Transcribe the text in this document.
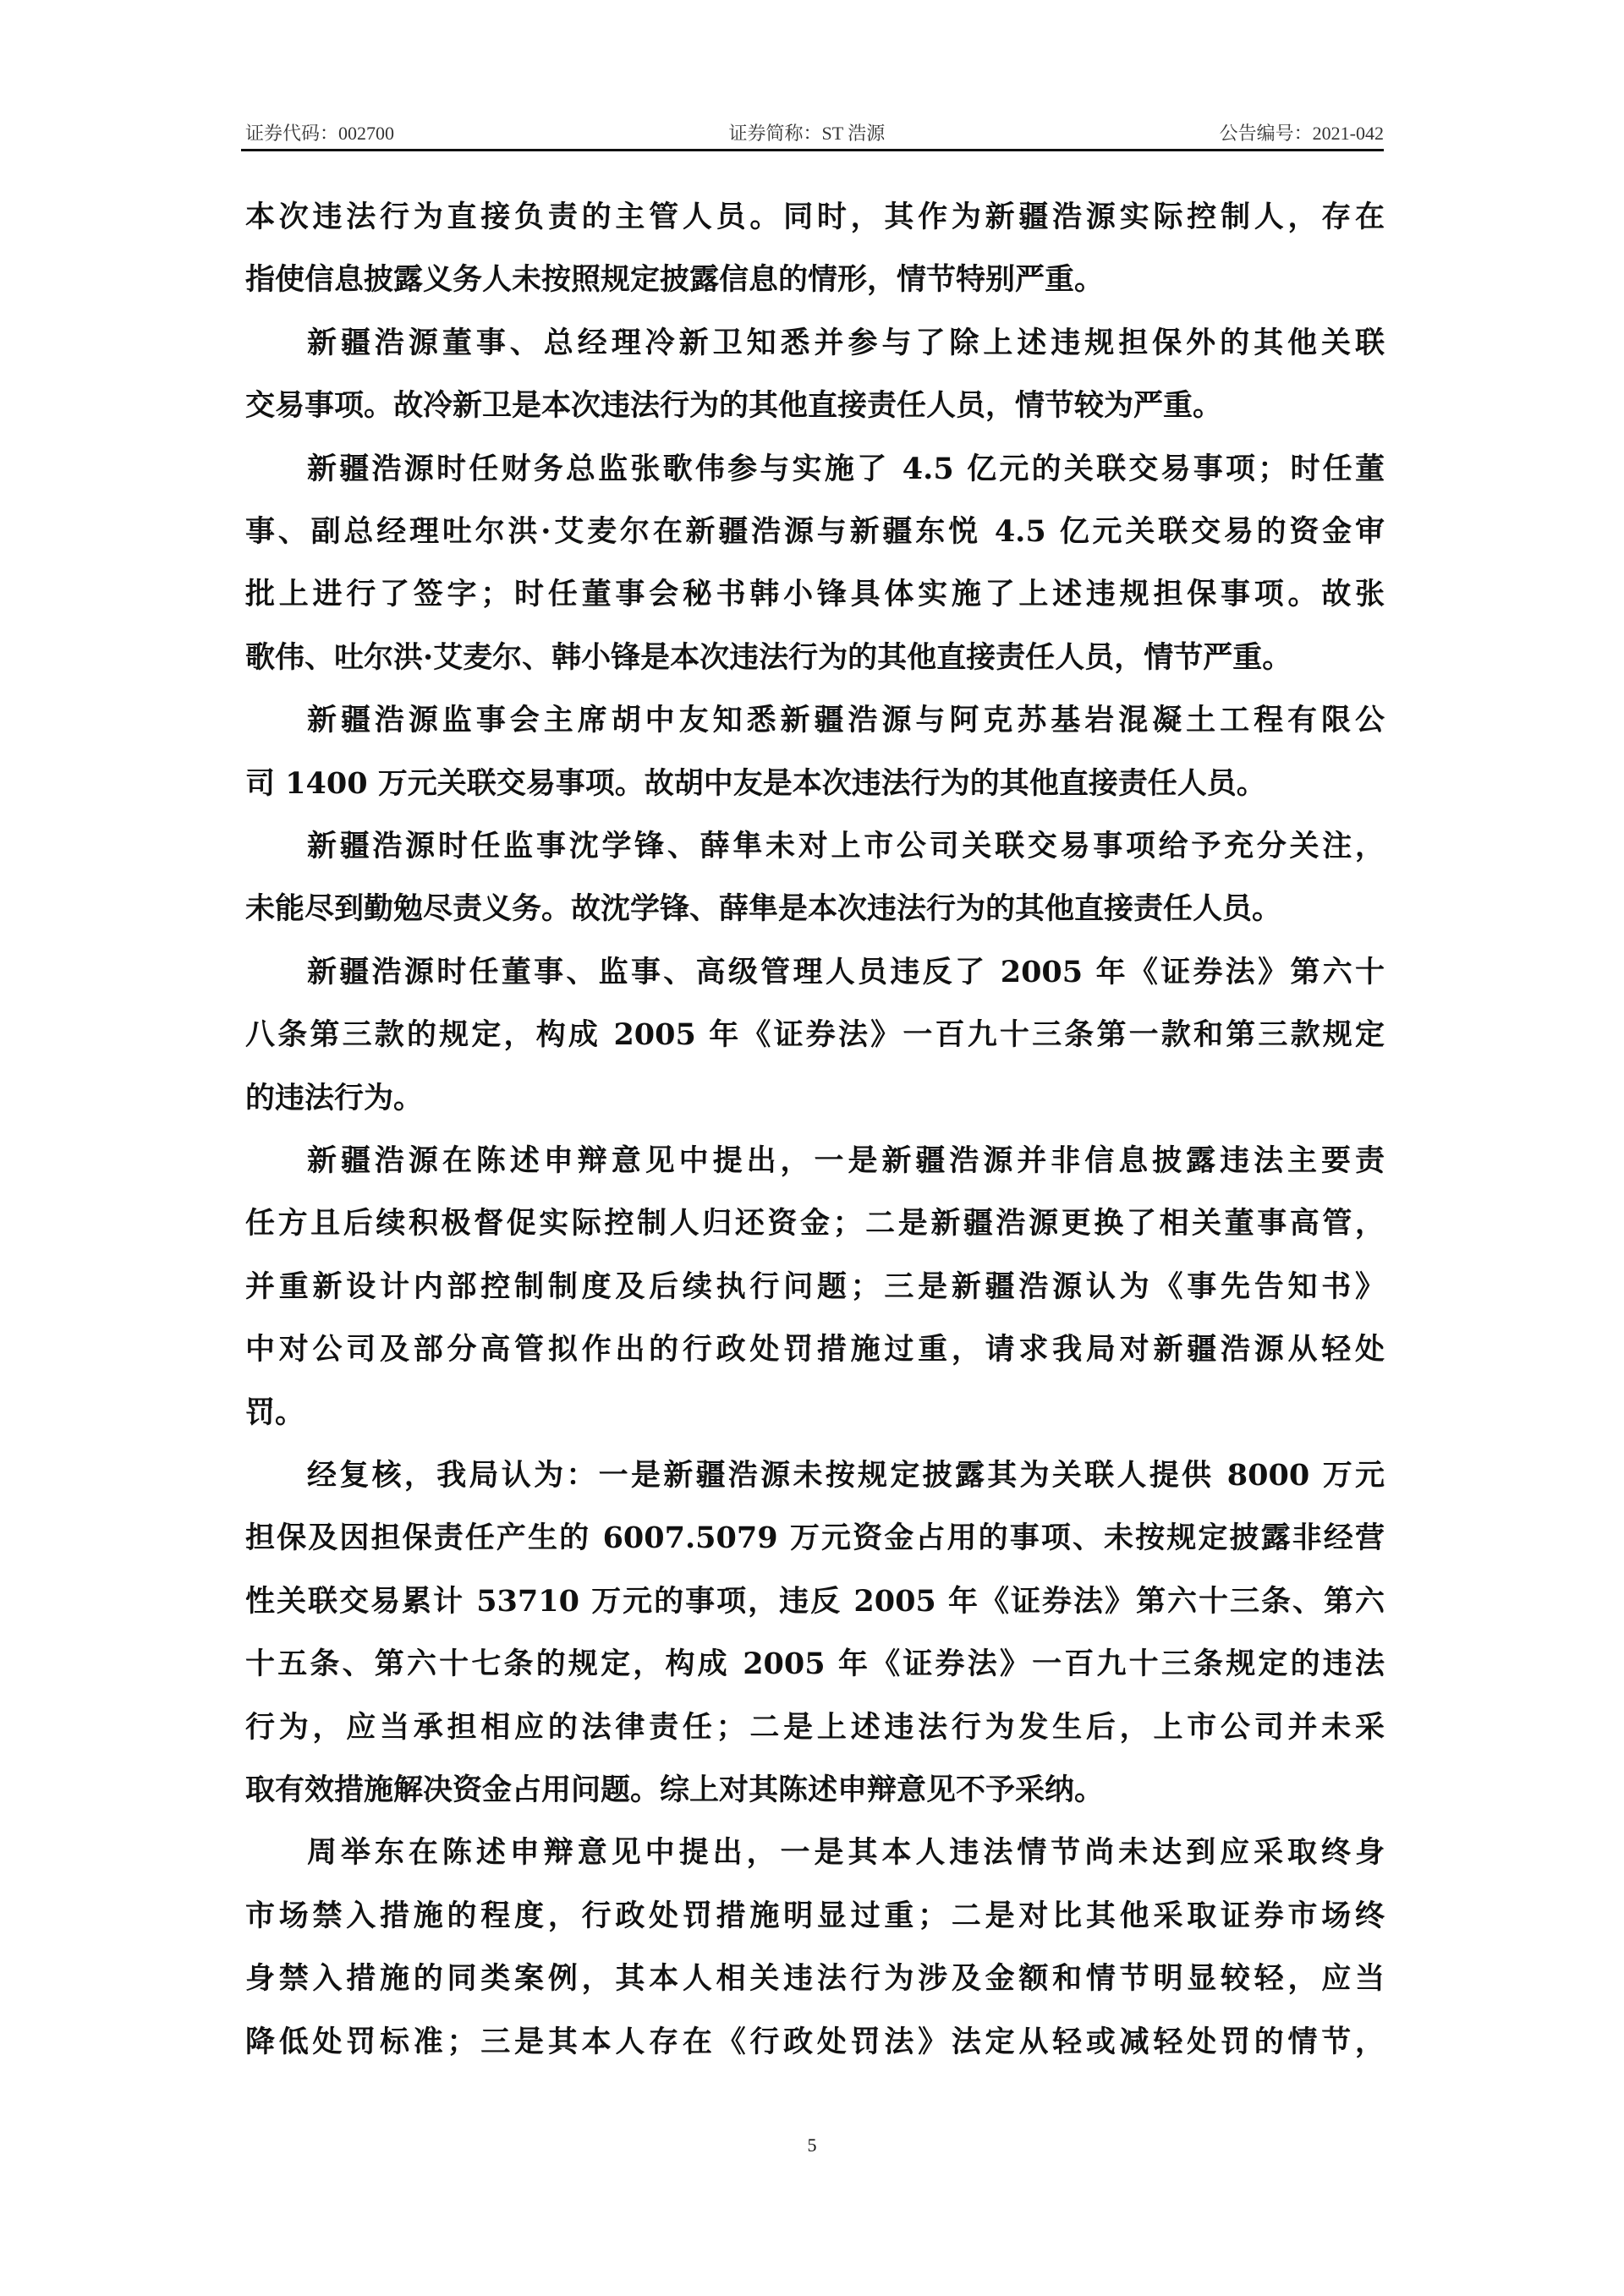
证券代码：002700	证券简称：ST 浩源	公告编号：2021-042
本次违法行为直接负责的主管人员。同时，其作为新疆浩源实际控制人，存在
指使信息披露义务人未按照规定披露信息的情形，情节特别严重。
新疆浩源董事、总经理冷新卫知悉并参与了除上述违规担保外的其他关联
交易事项。故冷新卫是本次违法行为的其他直接责任人员，情节较为严重。
新疆浩源时任财务总监张歌伟参与实施了 4.5 亿元的关联交易事项；时任董
事、副总经理吐尔洪·艾麦尔在新疆浩源与新疆东悦 4.5 亿元关联交易的资金审
批上进行了签字；时任董事会秘书韩小锋具体实施了上述违规担保事项。故张
歌伟、吐尔洪·艾麦尔、韩小锋是本次违法行为的其他直接责任人员，情节严重。
新疆浩源监事会主席胡中友知悉新疆浩源与阿克苏基岩混凝土工程有限公
司 1400 万元关联交易事项。故胡中友是本次违法行为的其他直接责任人员。
新疆浩源时任监事沈学锋、薛隼未对上市公司关联交易事项给予充分关注，
未能尽到勤勉尽责义务。故沈学锋、薛隼是本次违法行为的其他直接责任人员。
新疆浩源时任董事、监事、高级管理人员违反了 2005 年《证券法》第六十
八条第三款的规定，构成 2005 年《证券法》一百九十三条第一款和第三款规定
的违法行为。
新疆浩源在陈述申辩意见中提出，一是新疆浩源并非信息披露违法主要责
任方且后续积极督促实际控制人归还资金；二是新疆浩源更换了相关董事高管，
并重新设计内部控制制度及后续执行问题；三是新疆浩源认为《事先告知书》
中对公司及部分高管拟作出的行政处罚措施过重，请求我局对新疆浩源从轻处
罚。
经复核，我局认为：一是新疆浩源未按规定披露其为关联人提供 8000 万元
担保及因担保责任产生的 6007.5079 万元资金占用的事项、未按规定披露非经营
性关联交易累计 53710 万元的事项，违反 2005 年《证券法》第六十三条、第六
十五条、第六十七条的规定，构成 2005 年《证券法》一百九十三条规定的违法
行为，应当承担相应的法律责任；二是上述违法行为发生后，上市公司并未采
取有效措施解决资金占用问题。综上对其陈述申辩意见不予采纳。
周举东在陈述申辩意见中提出，一是其本人违法情节尚未达到应采取终身
市场禁入措施的程度，行政处罚措施明显过重；二是对比其他采取证券市场终
身禁入措施的同类案例，其本人相关违法行为涉及金额和情节明显较轻，应当
降低处罚标准；三是其本人存在《行政处罚法》法定从轻或减轻处罚的情节，
5
